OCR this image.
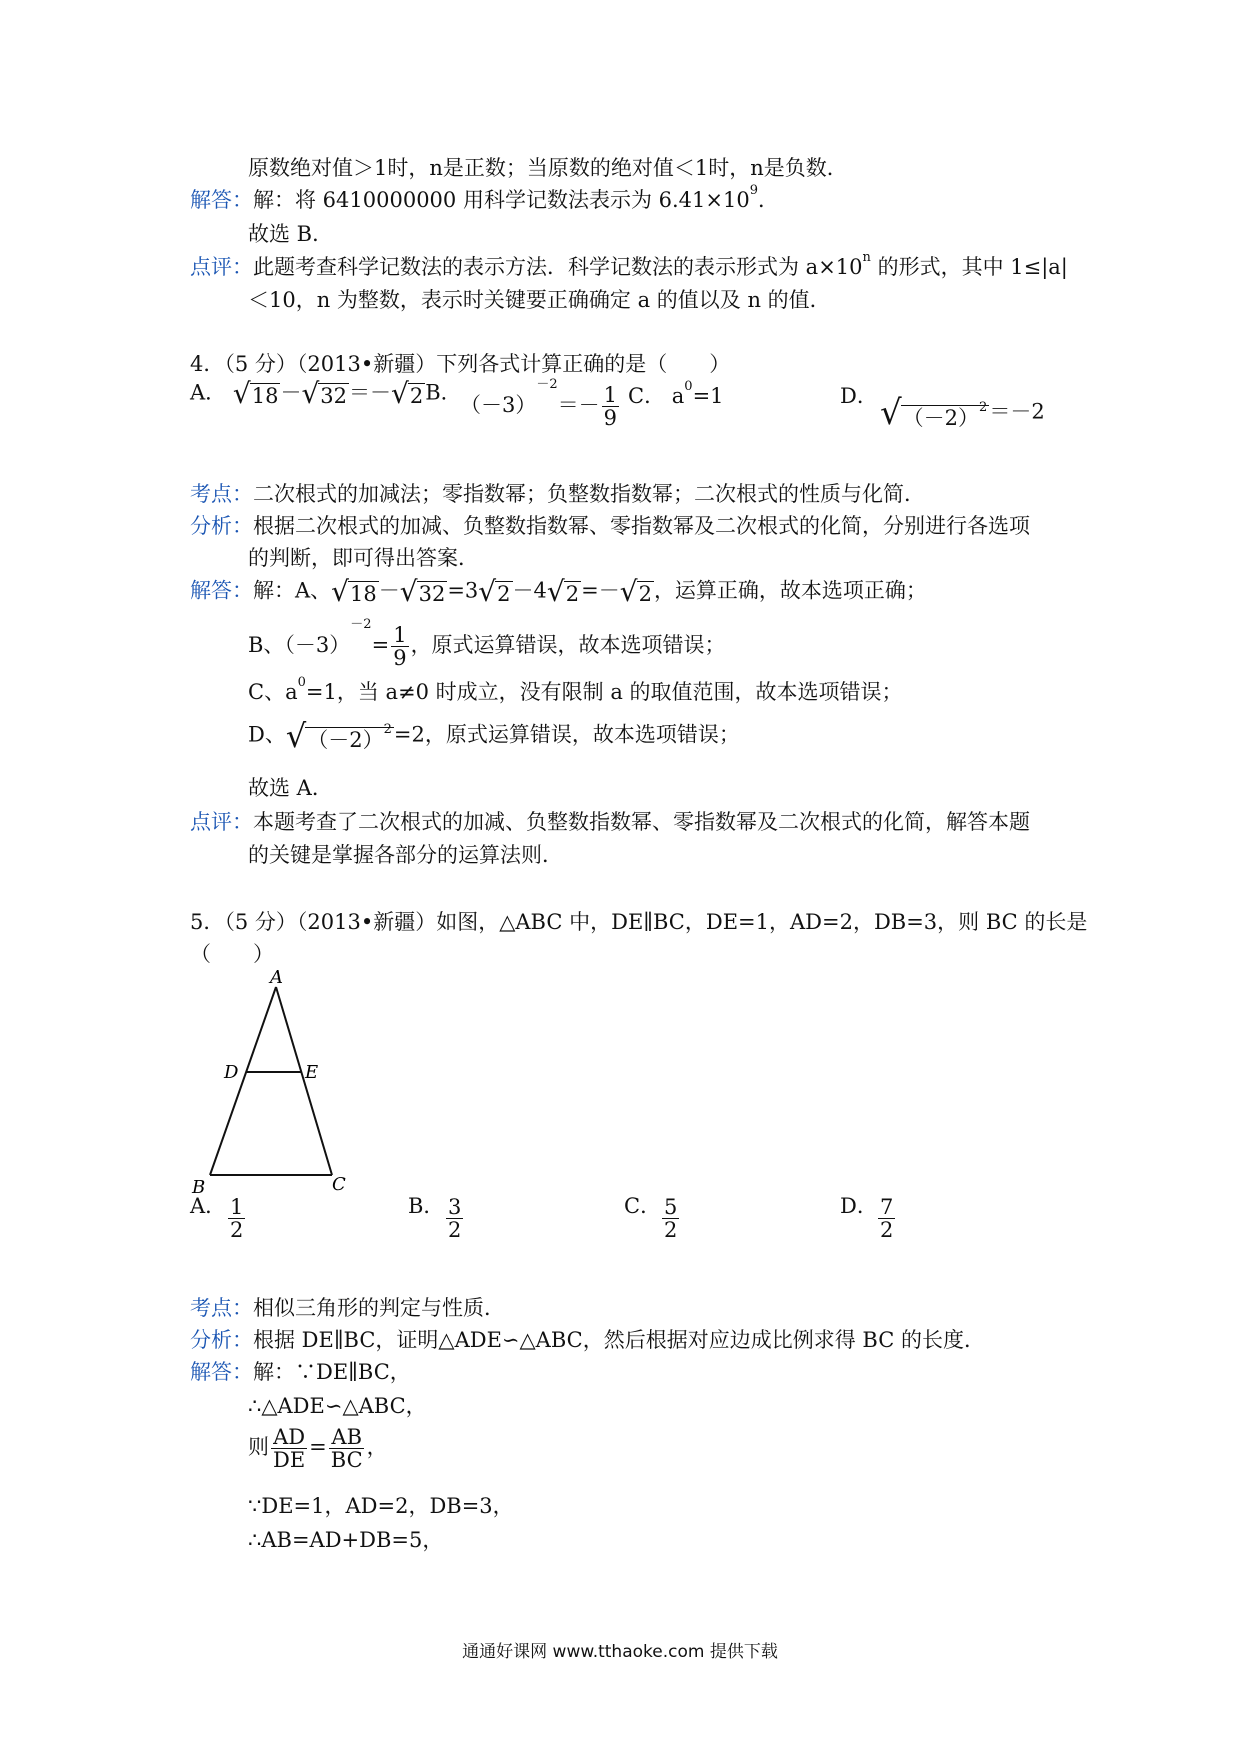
原数绝对值＞1时，n是正数；当原数的绝对值＜1时，n是负数．
解答：解：将 6410000000 用科学记数法表示为 $6.41\times 10^9$．
故选 B．
点评：此题考查科学记数法的表示方法．科学记数法的表示形式为 $a\times 10^n$ 的形式，其中 1≤|a|
＜10，n 为整数，表示时关键要正确确定 a 的值以及 n 的值．
4．（5 分）（2013•新疆）下列各式计算正确的是（　　）
A． √ 18 － √ 32 ＝－ √ 2 B．
$(-3)^{-2}=- \frac{1}{9}$ C． $a^0=1$	D． √ $(-2)^2 =-2$
考点：二次根式的加减法；零指数幂；负整数指数幂；二次根式的性质与化简．
分析：根据二次根式的加减、负整数指数幂、零指数幂及二次根式的化简，分别进行各选项
的判断，即可得出答案．
解答：解：A、 √ 18 － √ 32 =3 √ 2 －4 √ 2 =－ √ 2 ，运算正确，故本选项正确；
B、$(-3)^{-2}= \frac{1}{9}$ ，原式运算错误，故本选项错误；
C、$a^0=1$，当 a≠0 时成立，没有限制 a 的取值范围，故本选项错误；
D、 √ $(-2)^2 =2$，原式运算错误，故本选项错误；
故选 A．
点评：本题考查了二次根式的加减、负整数指数幂、零指数幂及二次根式的化简，解答本题
的关键是掌握各部分的运算法则．
5．（5 分）（2013•新疆）如图，△ABC 中，DE∥BC，DE=1，AD=2，DB=3，则 BC 的长是
（　　）
A
B	C
D	E
A． $\frac{1}{2}$	B． $\frac{3}{2}$	C． $\frac{5}{2}$	D． $\frac{7}{2}$
考点：相似三角形的判定与性质．
分析：根据 DE∥BC，证明△ADE∽△ABC，然后根据对应边成比例求得 BC 的长度．
解答：解：∵DE∥BC，
∴△ADE∽△ABC，
则 $\frac{AD}{DE} = \frac{AB}{BC}$ ，
∵DE=1，AD=2，DB=3，
∴AB=AD+DB=5，
通通好课网 www.tthaoke.com 提供下载
